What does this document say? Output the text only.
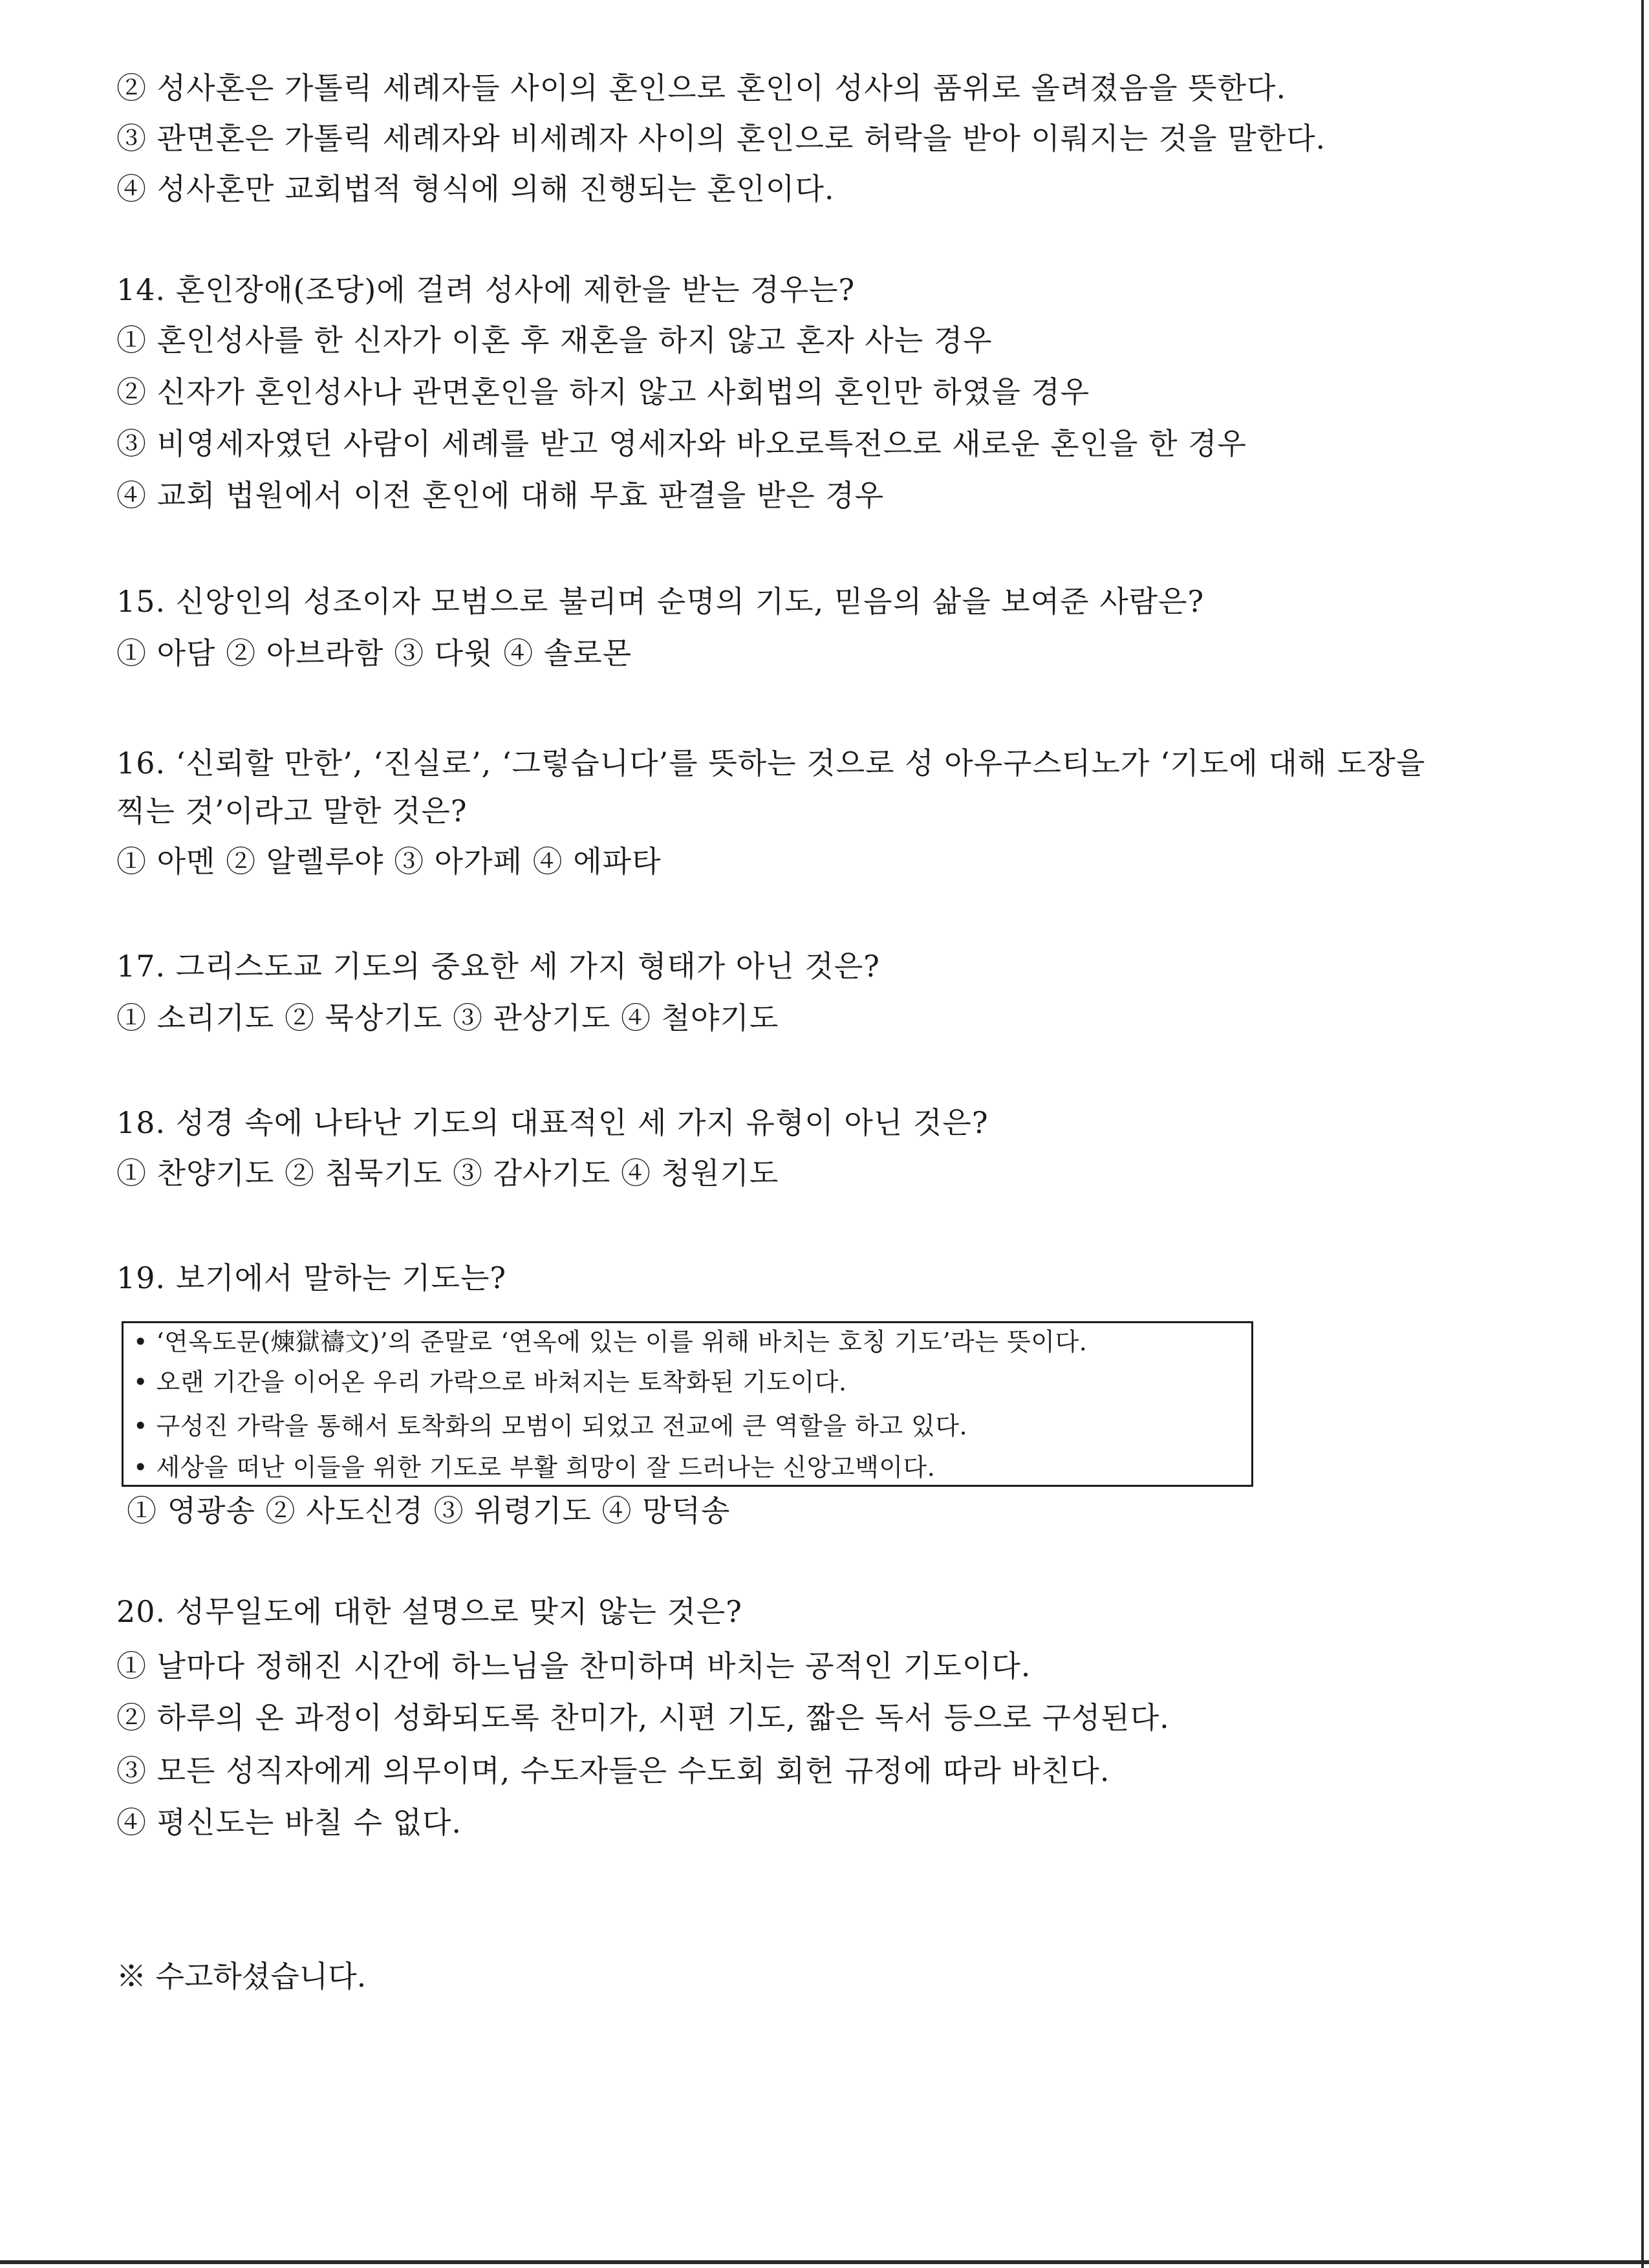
② 성사혼은 가톨릭 세례자들 사이의 혼인으로 혼인이 성사의 품위로 올려졌음을 뜻한다.
③ 관면혼은 가톨릭 세례자와 비세례자 사이의 혼인으로 허락을 받아 이뤄지는 것을 말한다.
④ 성사혼만 교회법적 형식에 의해 진행되는 혼인이다.
14. 혼인장애(조당)에 걸려 성사에 제한을 받는 경우는?
① 혼인성사를 한 신자가 이혼 후 재혼을 하지 않고 혼자 사는 경우
② 신자가 혼인성사나 관면혼인을 하지 않고 사회법의 혼인만 하였을 경우
③ 비영세자였던 사람이 세례를 받고 영세자와 바오로특전으로 새로운 혼인을 한 경우
④ 교회 법원에서 이전 혼인에 대해 무효 판결을 받은 경우
15. 신앙인의 성조이자 모범으로 불리며 순명의 기도, 믿음의 삶을 보여준 사람은?
① 아담 ② 아브라함 ③ 다윗 ④ 솔로몬
16. ‘신뢰할 만한’, ‘진실로’, ‘그렇습니다’를 뜻하는 것으로 성 아우구스티노가 ‘기도에 대해 도장을
찍는 것’이라고 말한 것은?
① 아멘 ② 알렐루야 ③ 아가페 ④ 에파타
17. 그리스도교 기도의 중요한 세 가지 형태가 아닌 것은?
① 소리기도 ② 묵상기도 ③ 관상기도 ④ 철야기도
18. 성경 속에 나타난 기도의 대표적인 세 가지 유형이 아닌 것은?
① 찬양기도 ② 침묵기도 ③ 감사기도 ④ 청원기도
19. 보기에서 말하는 기도는?
• ‘연옥도문(煉獄禱文)’의 준말로 ‘연옥에 있는 이를 위해 바치는 호칭 기도’라는 뜻이다.
• 오랜 기간을 이어온 우리 가락으로 바쳐지는 토착화된 기도이다.
• 구성진 가락을 통해서 토착화의 모범이 되었고 전교에 큰 역할을 하고 있다.
• 세상을 떠난 이들을 위한 기도로 부활 희망이 잘 드러나는 신앙고백이다.
① 영광송 ② 사도신경 ③ 위령기도 ④ 망덕송
20. 성무일도에 대한 설명으로 맞지 않는 것은?
① 날마다 정해진 시간에 하느님을 찬미하며 바치는 공적인 기도이다.
② 하루의 온 과정이 성화되도록 찬미가, 시편 기도, 짧은 독서 등으로 구성된다.
③ 모든 성직자에게 의무이며, 수도자들은 수도회 회헌 규정에 따라 바친다.
④ 평신도는 바칠 수 없다.
※ 수고하셨습니다.
